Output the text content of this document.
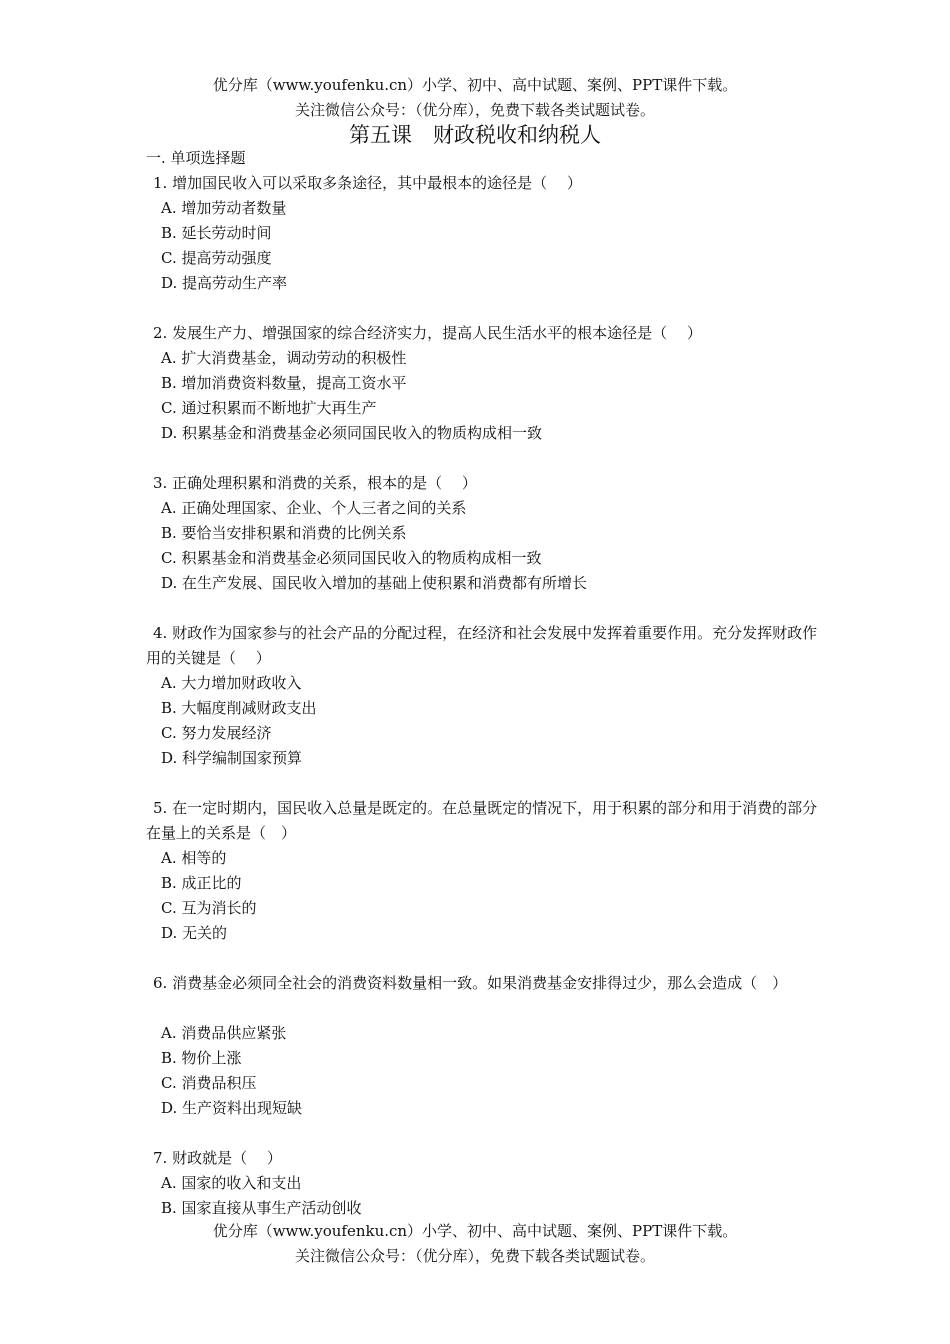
优分库（www.youfenku.cn）小学、初中、高中试题、案例、PPT课件下载。
关注微信公众号：（优分库），免费下载各类试题试卷。
第五课　财政税收和纳税人
一. 单项选择题
1. 增加国民收入可以采取多条途径，其中最根本的途径是（　 ）
A. 增加劳动者数量
B. 延长劳动时间
C. 提高劳动强度
D. 提高劳动生产率
2. 发展生产力、增强国家的综合经济实力，提高人民生活水平的根本途径是（　 ）
A. 扩大消费基金，调动劳动的积极性
B. 增加消费资料数量，提高工资水平
C. 通过积累而不断地扩大再生产
D. 积累基金和消费基金必须同国民收入的物质构成相一致
3. 正确处理积累和消费的关系，根本的是（　 ）
A. 正确处理国家、企业、个人三者之间的关系
B. 要恰当安排积累和消费的比例关系
C. 积累基金和消费基金必须同国民收入的物质构成相一致
D. 在生产发展、国民收入增加的基础上使积累和消费都有所增长
4. 财政作为国家参与的社会产品的分配过程，在经济和社会发展中发挥着重要作用。充分发挥财政作用的关键是（　 ）
A. 大力增加财政收入
B. 大幅度削减财政支出
C. 努力发展经济
D. 科学编制国家预算
5. 在一定时期内，国民收入总量是既定的。在总量既定的情况下，用于积累的部分和用于消费的部分在量上的关系是（　）
A. 相等的
B. 成正比的
C. 互为消长的
D. 无关的
6. 消费基金必须同全社会的消费资料数量相一致。如果消费基金安排得过少，那么会造成（　）
A. 消费品供应紧张
B. 物价上涨
C. 消费品积压
D. 生产资料出现短缺
7. 财政就是（　 ）
A. 国家的收入和支出
B. 国家直接从事生产活动创收
优分库（www.youfenku.cn）小学、初中、高中试题、案例、PPT课件下载。
关注微信公众号：（优分库），免费下载各类试题试卷。
